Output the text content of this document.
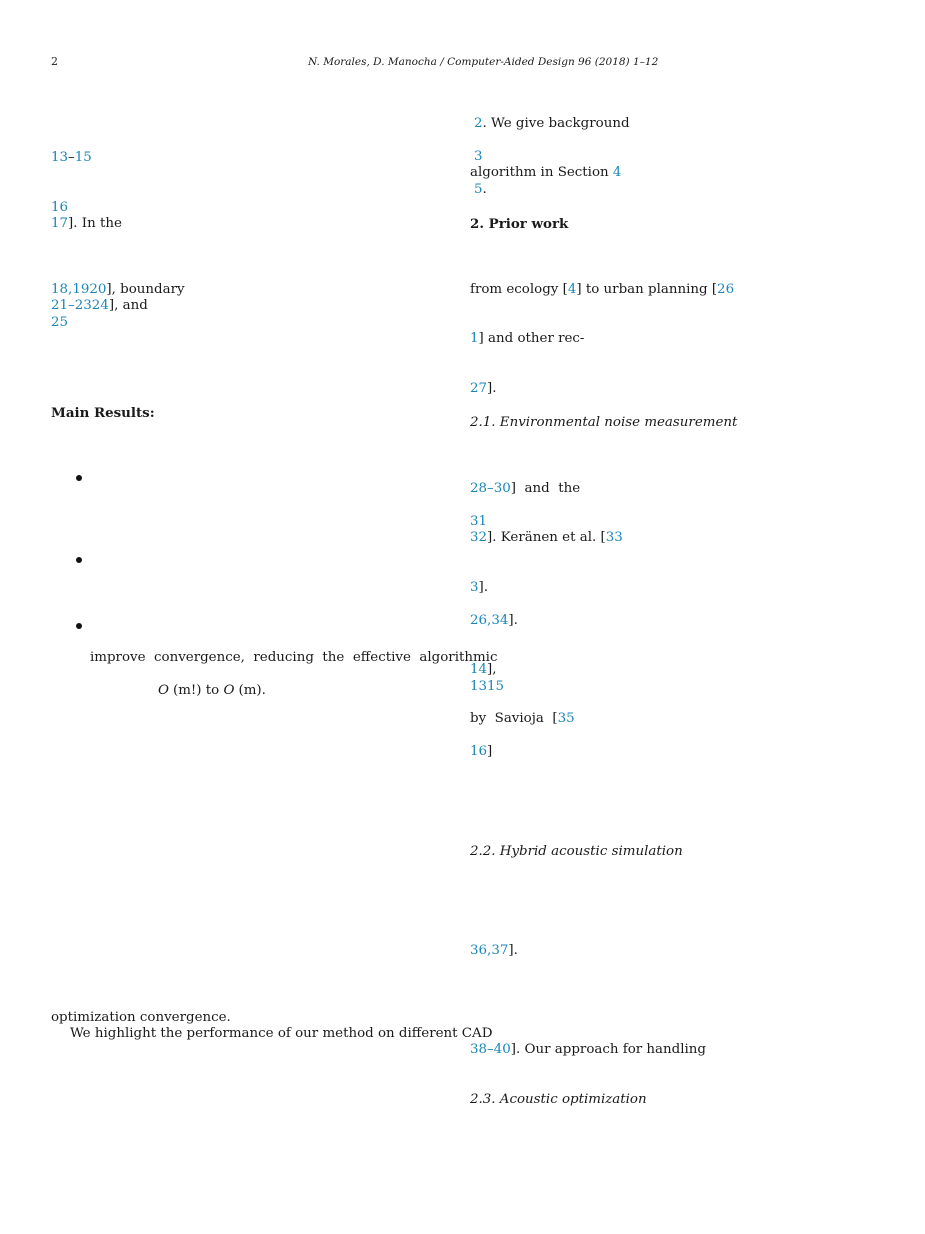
2	N. Morales, D. Manocha / Computer-Aided Design 96 (2018) 1–12
13–15
16
17]. In the
18,1920], boundary
21–2324], and
25
Main Results:
improve  convergence,  reducing  the  effective  algorithmic
O (m!) to O (m).
optimization convergence.
We highlight the performance of our method on different CAD
2. We give background
3
algorithm in Section 4
5.
2. Prior work
from ecology [4] to urban planning [26
1] and other rec-
27].
2.1. Environmental noise measurement
28–30]  and  the
31
32]. Keränen et al. [33
3].
26,34].
14],
1315
by  Savioja  [35
16]
2.2. Hybrid acoustic simulation
36,37].
38–40]. Our approach for handling
2.3. Acoustic optimization
